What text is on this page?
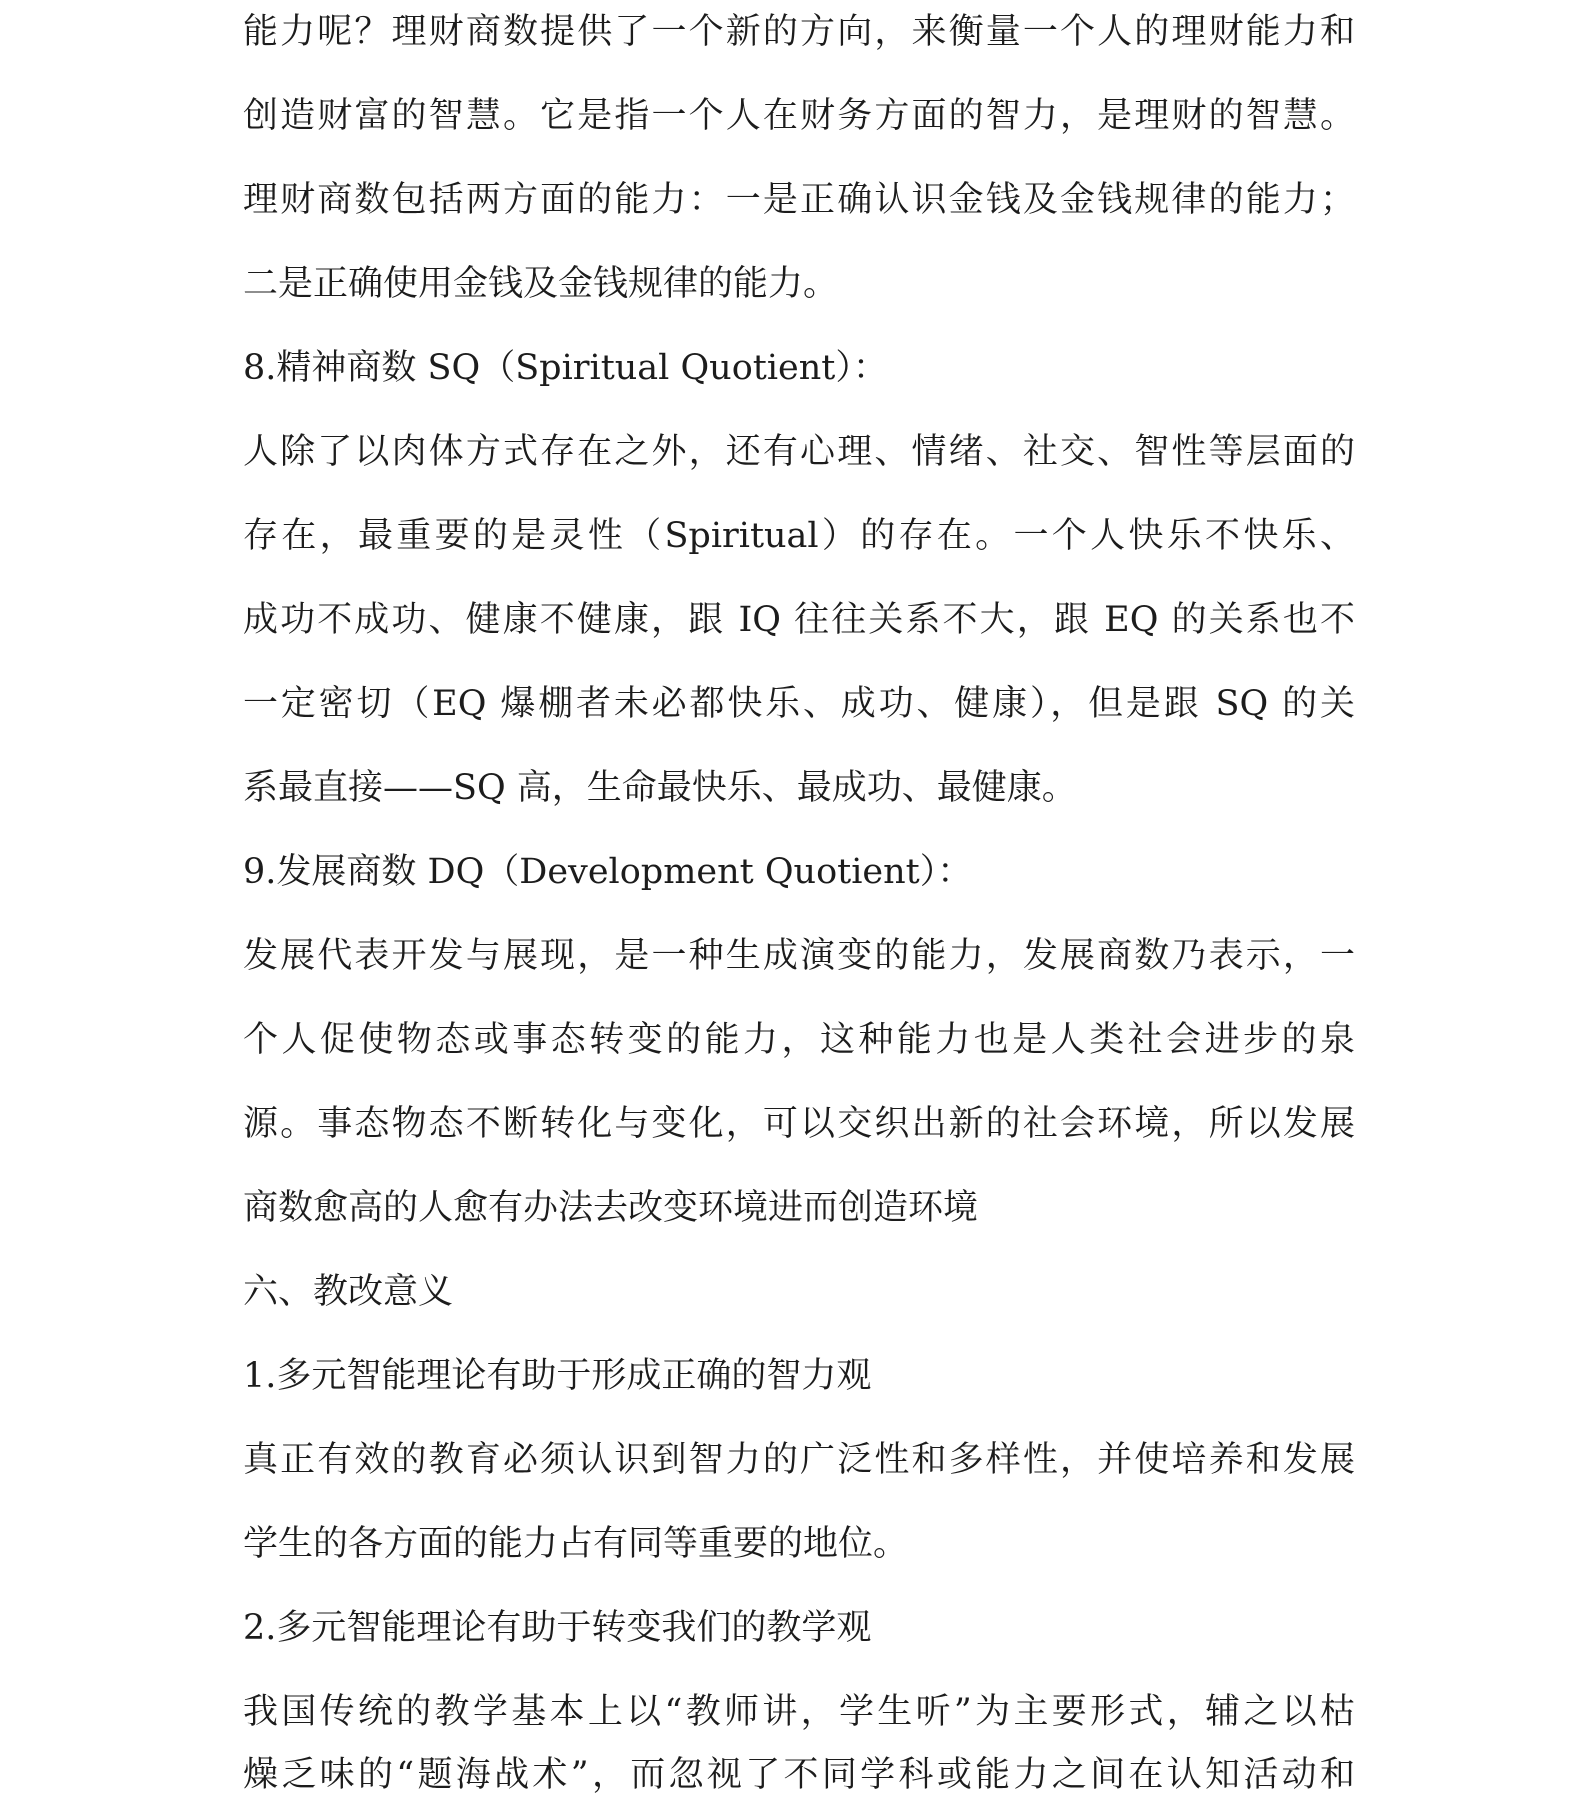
能力呢？理财商数提供了一个新的方向，来衡量一个人的理财能力和
创造财富的智慧。它是指一个人在财务方面的智力，是理财的智慧。
理财商数包括两方面的能力：一是正确认识金钱及金钱规律的能力；
二是正确使用金钱及金钱规律的能力。
8.精神商数 SQ（Spiritual Quotient）：
人除了以肉体方式存在之外，还有心理、情绪、社交、智性等层面的
存在，最重要的是灵性（Spiritual）的存在。一个人快乐不快乐、
成功不成功、健康不健康，跟 IQ 往往关系不大，跟 EQ 的关系也不
一定密切（EQ 爆棚者未必都快乐、成功、健康），但是跟 SQ 的关
系最直接——SQ 高，生命最快乐、最成功、最健康。
9.发展商数 DQ（Development Quotient）：
发展代表开发与展现，是一种生成演变的能力，发展商数乃表示，一
个人促使物态或事态转变的能力，这种能力也是人类社会进步的泉
源。事态物态不断转化与变化，可以交织出新的社会环境，所以发展
商数愈高的人愈有办法去改变环境进而创造环境
六、教改意义
1.多元智能理论有助于形成正确的智力观
真正有效的教育必须认识到智力的广泛性和多样性，并使培养和发展
学生的各方面的能力占有同等重要的地位。
2.多元智能理论有助于转变我们的教学观
我国传统的教学基本上以“教师讲，学生听”为主要形式，辅之以枯
燥乏味的“题海战术”，而忽视了不同学科或能力之间在认知活动和
